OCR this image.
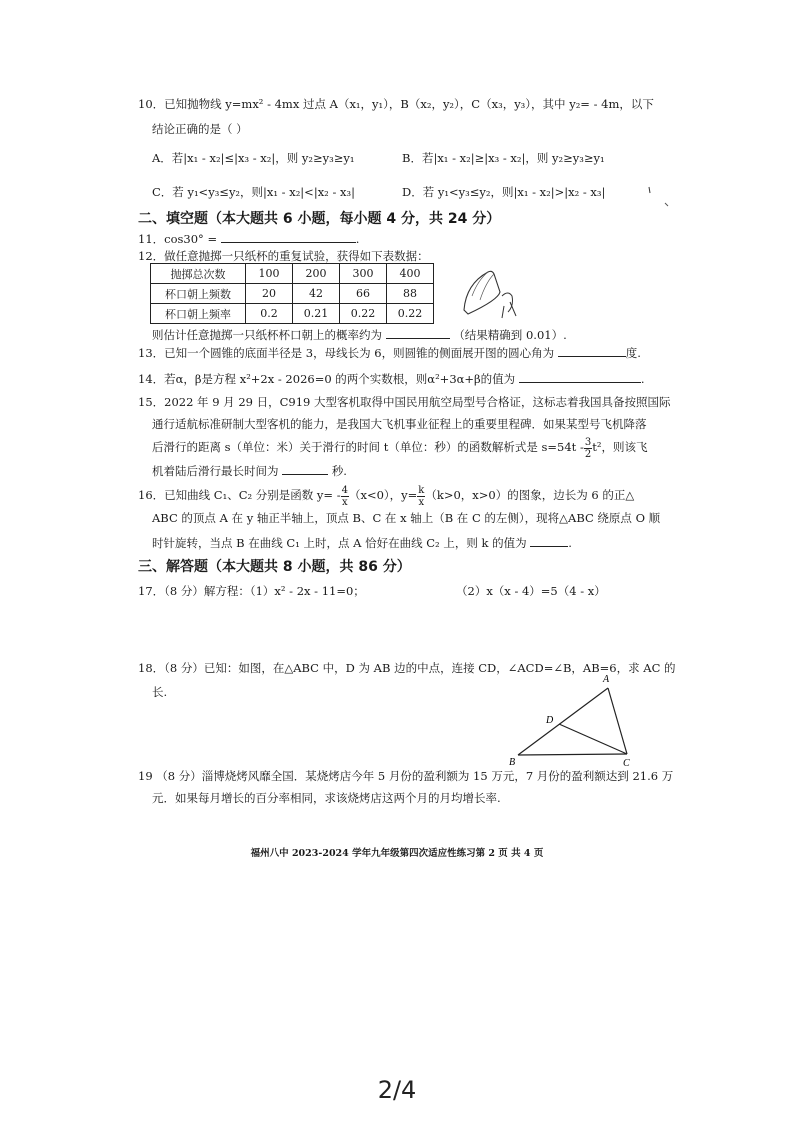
10．已知抛物线 y=mx² - 4mx 过点 A（x₁，y₁），B（x₂，y₂），C（x₃，y₃），其中 y₂= - 4m，以下
结论正确的是（ ）
A．若|x₁ - x₂|≤|x₃ - x₂|，则 y₂≥y₃≥y₁	B．若|x₁ - x₂|≥|x₃ - x₂|，则 y₂≥y₃≥y₁
C．若 y₁<y₃≤y₂，则|x₁ - x₂|<|x₂ - x₃|	D．若 y₁<y₃≤y₂，则|x₁ - x₂|>|x₂ - x₃|
二、填空题（本大题共 6 小题，每小题 4 分，共 24 分）
11．cos30° =	.
12．做任意抛掷一只纸杯的重复试验，获得如下表数据：
抛掷总次数	100	200	300	400
杯口朝上频数	20	42	66	88
杯口朝上频率	0.2	0.21	0.22	0.22
则估计任意抛掷一只纸杯杯口朝上的概率约为	（结果精确到 0.01）.
13．已知一个圆锥的底面半径是 3，母线长为 6，则圆锥的侧面展开图的圆心角为	度.
14．若α，β是方程 x²+2x - 2026=0 的两个实数根，则α²+3α+β的值为	.
15．2022 年 9 月 29 日，C919 大型客机取得中国民用航空局型号合格证，这标志着我国具备按照国际
通行适航标准研制大型客机的能力，是我国大飞机事业征程上的重要里程碑．如果某型号飞机降落
后滑行的距离 s（单位：米）关于滑行的时间 t（单位：秒）的函数解析式是 $s=54t - \frac{3}{2} t^2$，则该飞
机着陆后滑行最长时间为	秒.
16．已知曲线 C₁、C₂ 分别是函数 $y= - \frac{4}{x} (x<0)$，$y= \frac{k}{x} (k>0$，x>0）的图象，边长为 6 的正△
ABC 的顶点 A 在 y 轴正半轴上，顶点 B、C 在 x 轴上（B 在 C 的左侧），现将△ABC 绕原点 O 顺
时针旋转，当点 B 在曲线 C₁ 上时，点 A 恰好在曲线 C₂ 上，则 k 的值为	.
三、解答题（本大题共 8 小题，共 86 分）
17．（8 分）解方程：（1）x² - 2x - 11=0；	（2）x（x - 4）=5（4 - x）
18．（8 分）已知：如图，在△ABC 中，D 为 AB 边的中点，连接 CD，∠ACD=∠B，AB=6，求 AC 的
长.
A
D
B	C
19 （8 分）淄博烧烤风靡全国．某烧烤店今年 5 月份的盈利额为 15 万元，7 月份的盈利额达到 21.6 万
元．如果每月增长的百分率相同，求该烧烤店这两个月的月均增长率.
福州八中 2023-2024 学年九年级第四次适应性练习第 2 页 共 4 页
2/4
